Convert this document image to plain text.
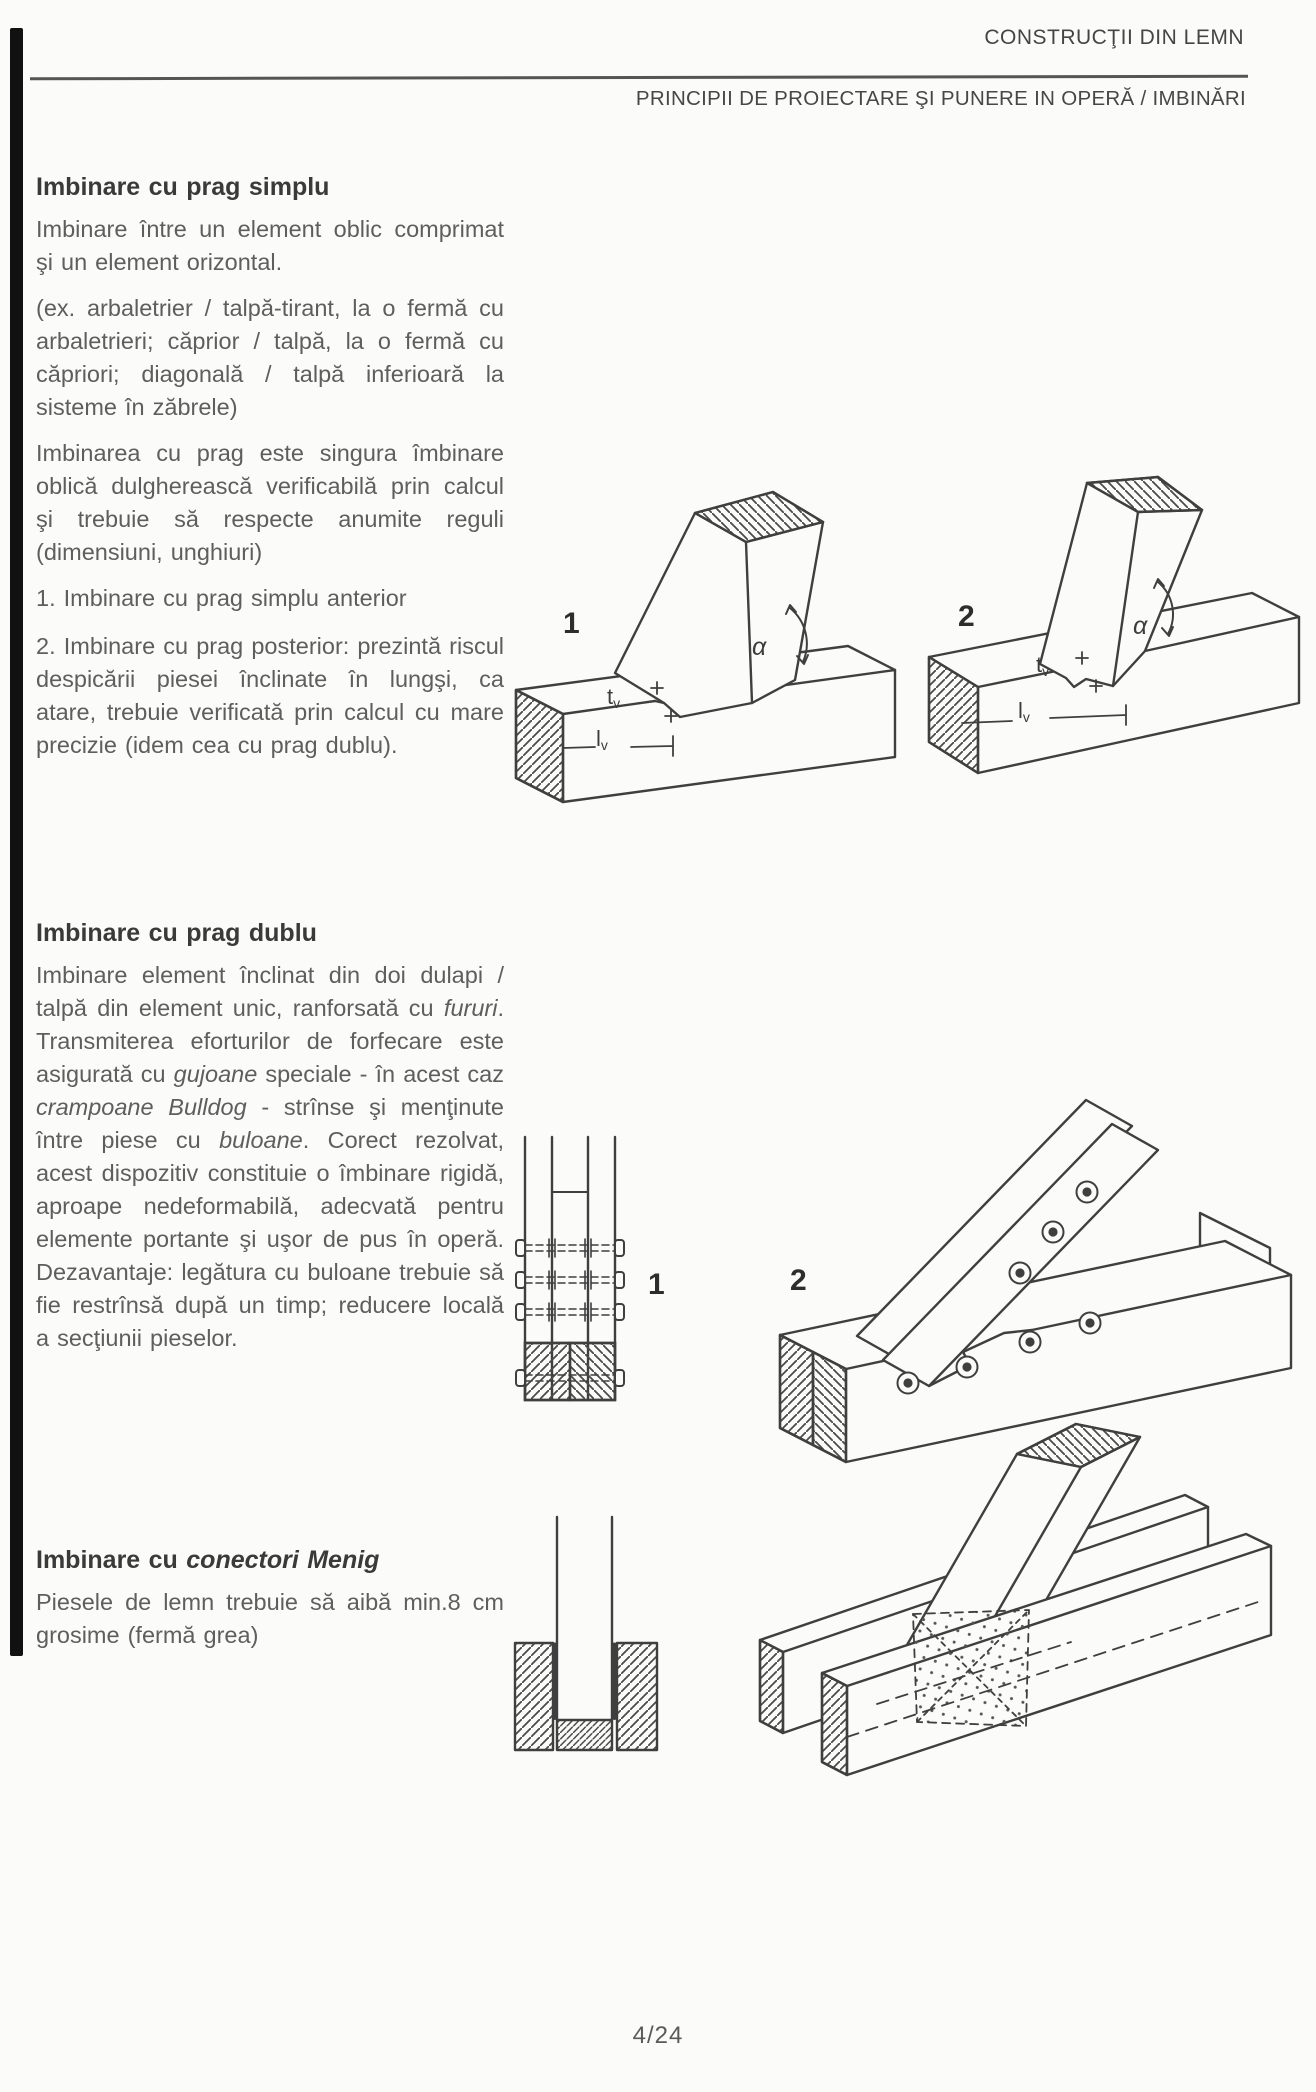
CONSTRUCŢII DIN LEMN
PRINCIPII DE PROIECTARE ŞI PUNERE IN OPERĂ / IMBINĂRI
Imbinare cu prag simplu

Imbinare între un element oblic comprimat şi un element orizontal.

(ex. arbaletrier / talpă-tirant, la o fermă cu arbaletrieri; căprior / talpă, la o fermă cu căpriori; diagonală / talpă inferioară la sisteme în zăbrele)

Imbinarea cu prag este singura îmbinare oblică dulgherească verificabilă prin calcul şi trebuie să respecte anumite reguli (dimensiuni, unghiuri)

1. Imbinare cu prag simplu anterior

2. Imbinare cu prag posterior: prezintă riscul despicării piesei înclinate în lungşi, ca atare, trebuie verificată prin calcul cu mare precizie (idem cea cu prag dublu).

Imbinare cu prag dublu

Imbinare element înclinat din doi dulapi / talpă din element unic, ranforsată cu fururi. Transmiterea eforturilor de forfecare este asigurată cu gujoane speciale - în acest caz crampoane Bulldog - strînse şi menţinute între piese cu buloane. Corect rezolvat, acest dispozitiv constituie o îmbinare rigidă, aproape nedeformabilă, adecvată pentru elemente portante şi uşor de pus în operă. Dezavantaje: legătura cu buloane trebuie să fie restrînsă după un timp; reducere locală a secţiunii pieselor.

Imbinare cu conectori Menig

Piesele de lemn trebuie să aibă min.8 cm grosime (fermă grea)

1
α
$t_v$
$l_v$
2	α
$t_v$
$l_v$
1	2
4/24
